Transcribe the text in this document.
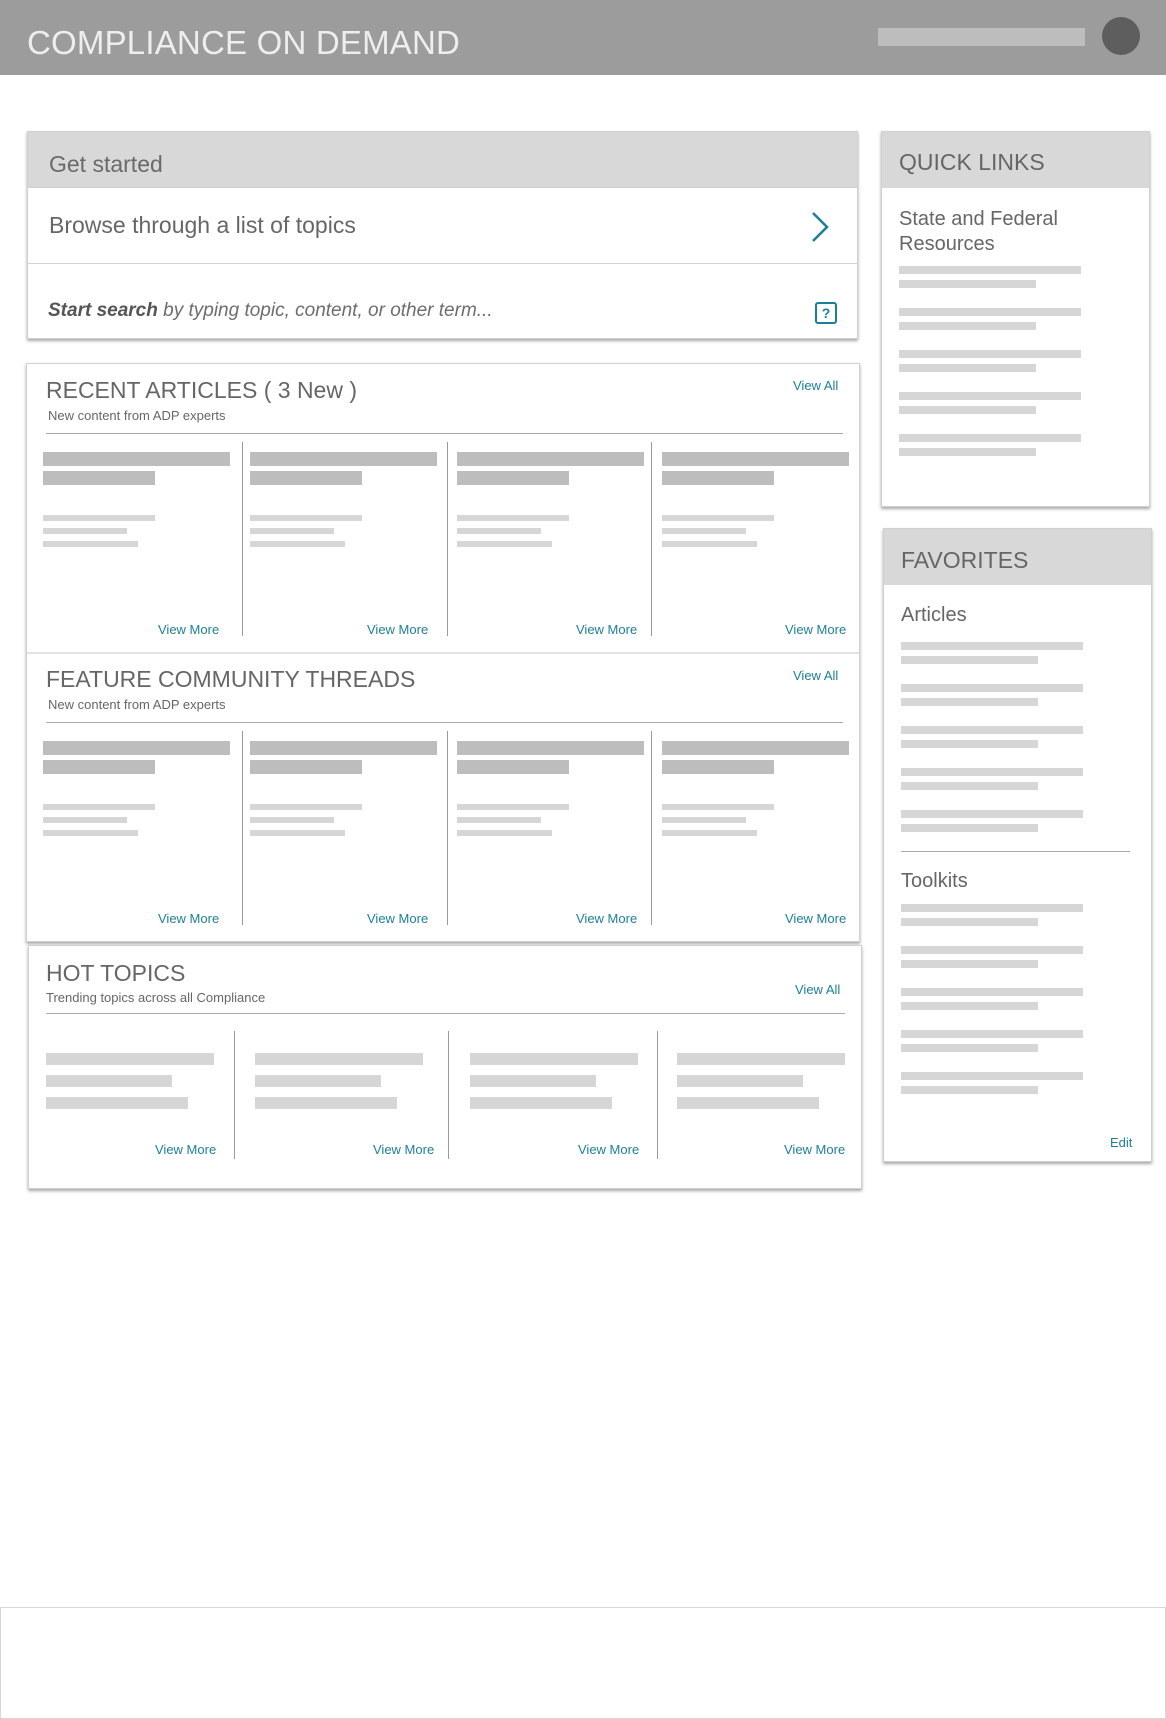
COMPLIANCE ON DEMAND
Get started
Browse through a list of topics
Start search by typing topic, content, or other term...	?
RECENT ARTICLES ( 3 New )
New content from ADP experts
View All
View More	View More	View More	View More
FEATURE COMMUNITY THREADS
New content from ADP experts
View All
View More	View More	View More	View More
HOT TOPICS
Trending topics across all Compliance
View All
View More	View More	View More	View More
QUICK LINKS
State and Federal Resources
FAVORITES
Articles
Toolkits
Edit
